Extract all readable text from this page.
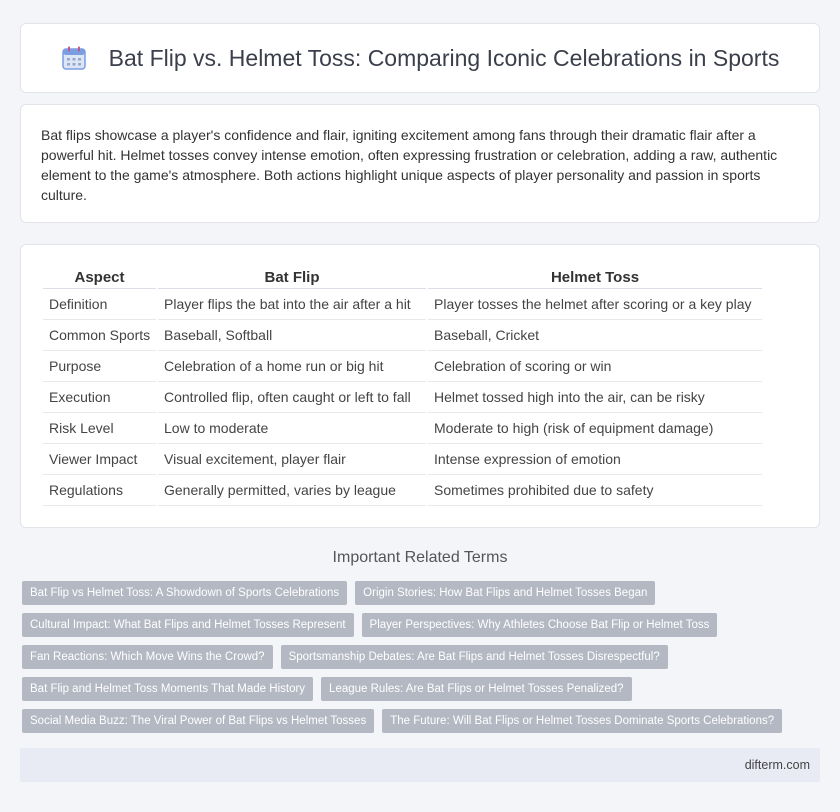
Bat Flip vs. Helmet Toss: Comparing Iconic Celebrations in Sports

Bat flips showcase a player's confidence and flair, igniting excitement among fans through their dramatic flair after a powerful hit. Helmet tosses convey intense emotion, often expressing frustration or celebration, adding a raw, authentic element to the game's atmosphere. Both actions highlight unique aspects of player personality and passion in sports culture.

Aspect	Bat Flip	Helmet Toss
Definition	Player flips the bat into the air after a hit	Player tosses the helmet after scoring or a key play
Common Sports	Baseball, Softball	Baseball, Cricket
Purpose	Celebration of a home run or big hit	Celebration of scoring or win
Execution	Controlled flip, often caught or left to fall	Helmet tossed high into the air, can be risky
Risk Level	Low to moderate	Moderate to high (risk of equipment damage)
Viewer Impact	Visual excitement, player flair	Intense expression of emotion
Regulations	Generally permitted, varies by league	Sometimes prohibited due to safety
Important Related Terms
Bat Flip vs Helmet Toss: A Showdown of Sports Celebrations	Origin Stories: How Bat Flips and Helmet Tosses Began
Cultural Impact: What Bat Flips and Helmet Tosses Represent	Player Perspectives: Why Athletes Choose Bat Flip or Helmet Toss
Fan Reactions: Which Move Wins the Crowd?	Sportsmanship Debates: Are Bat Flips and Helmet Tosses Disrespectful?
Bat Flip and Helmet Toss Moments That Made History	League Rules: Are Bat Flips or Helmet Tosses Penalized?
Social Media Buzz: The Viral Power of Bat Flips vs Helmet Tosses	The Future: Will Bat Flips or Helmet Tosses Dominate Sports Celebrations?
difterm.com
